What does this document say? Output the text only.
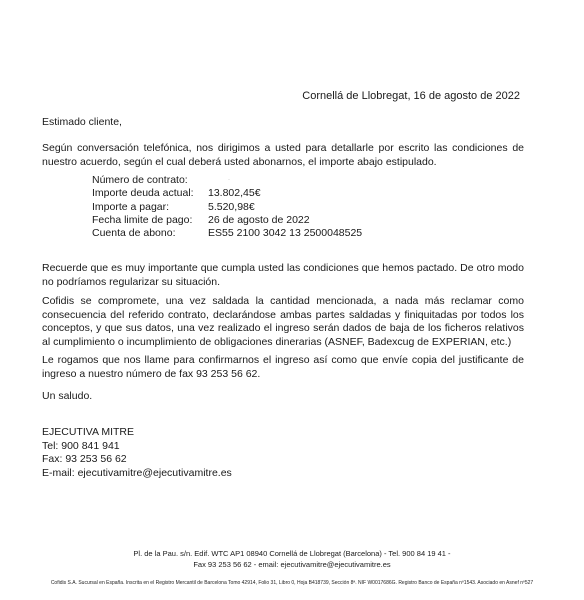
Cornellá de Llobregat, 16 de agosto de 2022
Estimado cliente,
Según conversación telefónica, nos dirigimos a usted para detallarle por escrito las condiciones de nuestro acuerdo, según el cual deberá usted abonarnos, el importe abajo estipulado.
Número de contrato:	·
Importe deuda actual:	13.802,45€
Importe a pagar:	5.520,98€
Fecha limite de pago:	26 de agosto de 2022
Cuenta de abono:	ES55 2100 3042 13 2500048525
Recuerde que es muy importante que cumpla usted las condiciones que hemos pactado. De otro modo no podríamos regularizar su situación.
Cofidis se compromete, una vez saldada la cantidad mencionada, a nada más reclamar como consecuencia del referido contrato, declarándose ambas partes saldadas y finiquitadas por todos los conceptos, y que sus datos, una vez realizado el ingreso serán dados de baja de los ficheros relativos al cumplimiento o incumplimiento de obligaciones dinerarias (ASNEF, Badexcug de EXPERIAN, etc.)
Le rogamos que nos llame para confirmarnos el ingreso así como que envíe copia del justificante de ingreso a nuestro número de fax 93 253 56 62.
Un saludo.
EJECUTIVA MITRE
Tel: 900 841 941
Fax: 93 253 56 62
E-mail: ejecutivamitre@ejecutivamitre.es
Pl. de la Pau. s/n. Edif. WTC AP1 08940 Cornellá de Llobregat (Barcelona) - Tel. 900 84 19 41 -
Fax 93 253 56 62 - email: ejecutivamitre@ejecutivamitre.es
Cofidis S.A. Sucursal en España. Inscrita en el Registro Mercantil de Barcelona Tomo 42914, Folio 31, Libro 0, Hoja B418739, Sección 8ª. NIF W0017686G. Registro Banco de España nº1543. Asociado en Asnef nº527
